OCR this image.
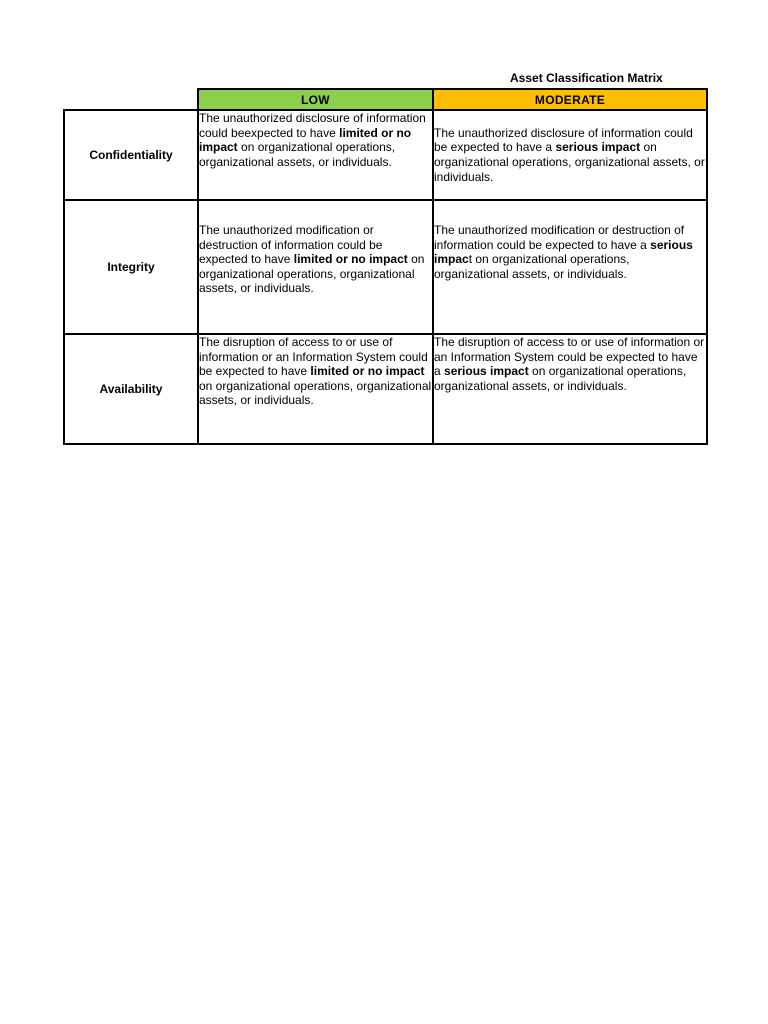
Asset Classification Matrix
	LOW	MODERATE
Confidentiality	The unauthorized disclosure of information could beexpected to have limited or no impact on organizational operations, organizational assets, or individuals.	The unauthorized disclosure of information could be expected to have a serious impact on organizational operations, organizational assets, or individuals.
Integrity	The unauthorized modification or destruction of information could be expected to have limited or no impact on organizational operations, organizational assets, or individuals.	The unauthorized modification or destruction of information could be expected to have a serious impact on organizational operations, organizational assets, or individuals.
Availability	The disruption of access to or use of information or an Information System could be expected to have limited or no impact on organizational operations, organizational assets, or individuals.	The disruption of access to or use of information or an Information System could be expected to have a serious impact on organizational operations, organizational assets, or individuals.
